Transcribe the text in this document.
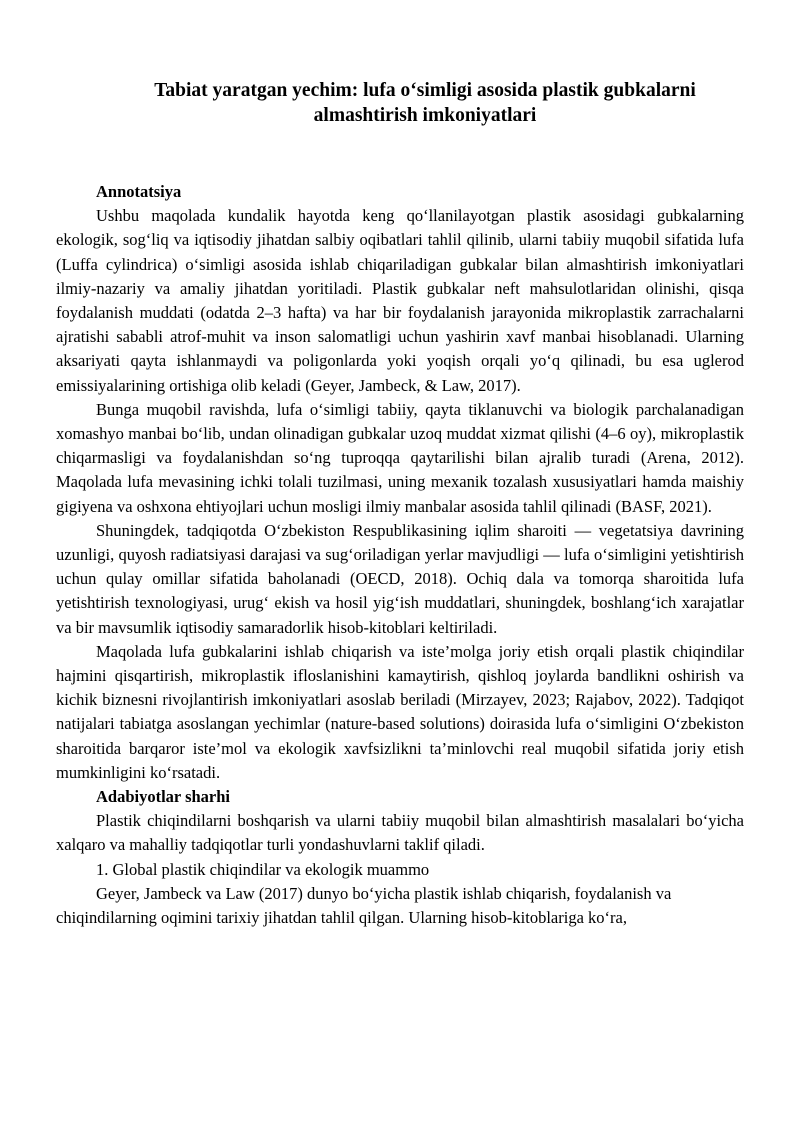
Tabiat yaratgan yechim: lufa o‘simligi asosida plastik gubkalarni almashtirish imkoniyatlari
Annotatsiya

Ushbu maqolada kundalik hayotda keng qo‘llanilayotgan plastik asosidagi gubkalarning ekologik, sog‘liq va iqtisodiy jihatdan salbiy oqibatlari tahlil qilinib, ularni tabiiy muqobil sifatida lufa (Luffa cylindrica) o‘simligi asosida ishlab chiqariladigan gubkalar bilan almashtirish imkoniyatlari ilmiy-nazariy va amaliy jihatdan yoritiladi. Plastik gubkalar neft mahsulotlaridan olinishi, qisqa foydalanish muddati (odatda 2–3 hafta) va har bir foydalanish jarayonida mikroplastik zarrachalarni ajratishi sababli atrof-muhit va inson salomatligi uchun yashirin xavf manbai hisoblanadi. Ularning aksariyati qayta ishlanmaydi va poligonlarda yoki yoqish orqali yo‘q qilinadi, bu esa uglerod emissiyalarining ortishiga olib keladi (Geyer, Jambeck, & Law, 2017).

Bunga muqobil ravishda, lufa o‘simligi tabiiy, qayta tiklanuvchi va biologik parchalanadigan xomashyo manbai bo‘lib, undan olinadigan gubkalar uzoq muddat xizmat qilishi (4–6 oy), mikroplastik chiqarmasligi va foydalanishdan so‘ng tuproqqa qaytarilishi bilan ajralib turadi (Arena, 2012). Maqolada lufa mevasining ichki tolali tuzilmasi, uning mexanik tozalash xususiyatlari hamda maishiy gigiyena va oshxona ehtiyojlari uchun mosligi ilmiy manbalar asosida tahlil qilinadi (BASF, 2021).

Shuningdek, tadqiqotda O‘zbekiston Respublikasining iqlim sharoiti — vegetatsiya davrining uzunligi, quyosh radiatsiyasi darajasi va sug‘oriladigan yerlar mavjudligi — lufa o‘simligini yetishtirish uchun qulay omillar sifatida baholanadi (OECD, 2018). Ochiq dala va tomorqa sharoitida lufa yetishtirish texnologiyasi, urug‘ ekish va hosil yig‘ish muddatlari, shuningdek, boshlang‘ich xarajatlar va bir mavsumlik iqtisodiy samaradorlik hisob-kitoblari keltiriladi.

Maqolada lufa gubkalarini ishlab chiqarish va iste’molga joriy etish orqali plastik chiqindilar hajmini qisqartirish, mikroplastik ifloslanishini kamaytirish, qishloq joylarda bandlikni oshirish va kichik biznesni rivojlantirish imkoniyatlari asoslab beriladi (Mirzayev, 2023; Rajabov, 2022). Tadqiqot natijalari tabiatga asoslangan yechimlar (nature-based solutions) doirasida lufa o‘simligini O‘zbekiston sharoitida barqaror iste’mol va ekologik xavfsizlikni ta’minlovchi real muqobil sifatida joriy etish mumkinligini ko‘rsatadi.

Adabiyotlar sharhi

Plastik chiqindilarni boshqarish va ularni tabiiy muqobil bilan almashtirish masalalari bo‘yicha xalqaro va mahalliy tadqiqotlar turli yondashuvlarni taklif qiladi.

1. Global plastik chiqindilar va ekologik muammo

Geyer, Jambeck va Law (2017) dunyo bo‘yicha plastik ishlab chiqarish, foydalanish va chiqindilarning oqimini tarixiy jihatdan tahlil qilgan. Ularning hisob-kitoblariga ko‘ra,
